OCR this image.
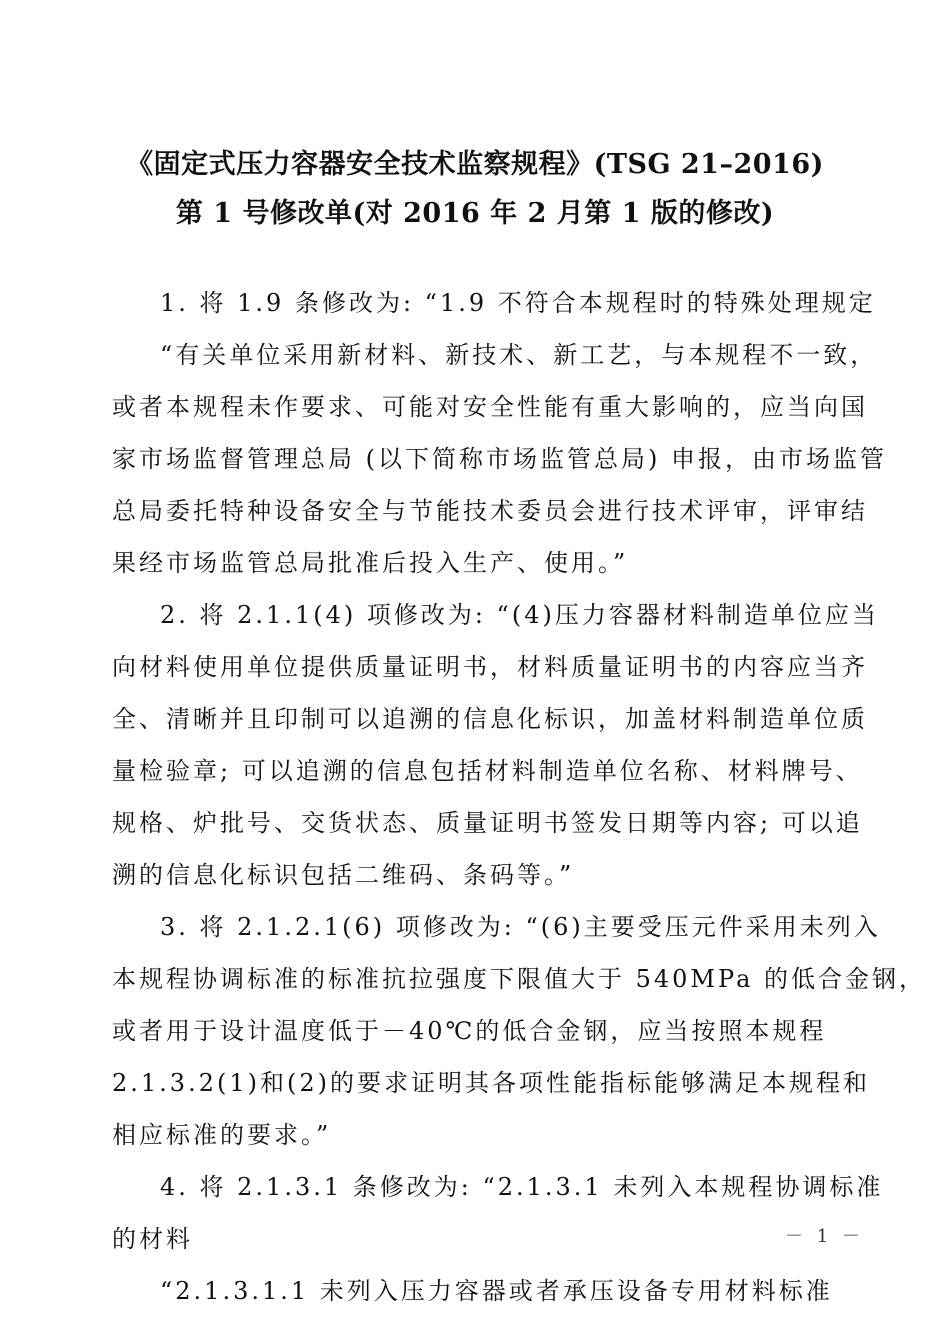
《固定式压力容器安全技术监察规程》(TSG 21–2016)
第 1 号修改单(对 2016 年 2 月第 1 版的修改)
1. 将 1.9 条修改为: “1.9 不符合本规程时的特殊处理规定
“有关单位采用新材料、新技术、新工艺，与本规程不一致，
或者本规程未作要求、可能对安全性能有重大影响的，应当向国
家市场监督管理总局 (以下简称市场监管总局) 申报，由市场监管
总局委托特种设备安全与节能技术委员会进行技术评审，评审结
果经市场监管总局批准后投入生产、使用。”
2. 将 2.1.1(4) 项修改为: “(4)压力容器材料制造单位应当
向材料使用单位提供质量证明书，材料质量证明书的内容应当齐
全、清晰并且印制可以追溯的信息化标识，加盖材料制造单位质
量检验章; 可以追溯的信息包括材料制造单位名称、材料牌号、
规格、炉批号、交货状态、质量证明书签发日期等内容; 可以追
溯的信息化标识包括二维码、条码等。”
3. 将 2.1.2.1(6) 项修改为: “(6)主要受压元件采用未列入
本规程协调标准的标准抗拉强度下限值大于 540MPa 的低合金钢，
或者用于设计温度低于－40℃的低合金钢，应当按照本规程
2.1.3.2(1)和(2)的要求证明其各项性能指标能够满足本规程和
相应标准的要求。”
4. 将 2.1.3.1 条修改为: “2.1.3.1 未列入本规程协调标准
的材料
“2.1.3.1.1 未列入压力容器或者承压设备专用材料标准
－ 1 －
